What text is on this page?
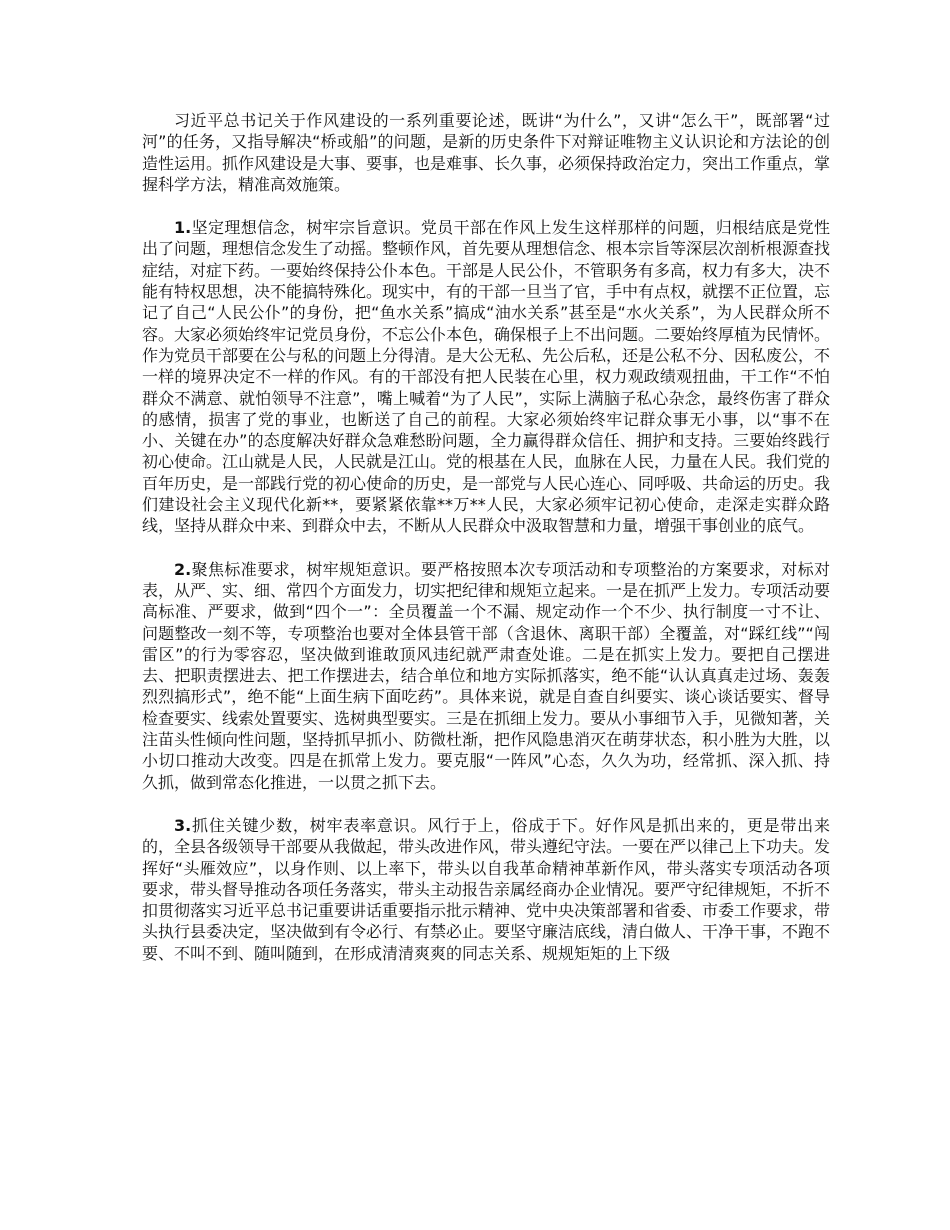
习近平总书记关于作风建设的一系列重要论述，既讲“为什么”，又讲“怎么干”，既部署“过河”的任务，又指导解决“桥或船”的问题，是新的历史条件下对辩证唯物主义认识论和方法论的创造性运用。抓作风建设是大事、要事，也是难事、长久事，必须保持政治定力，突出工作重点，掌握科学方法，精准高效施策。

1.坚定理想信念，树牢宗旨意识。党员干部在作风上发生这样那样的问题，归根结底是党性出了问题，理想信念发生了动摇。整顿作风，首先要从理想信念、根本宗旨等深层次剖析根源查找症结，对症下药。一要始终保持公仆本色。干部是人民公仆，不管职务有多高，权力有多大，决不能有特权思想，决不能搞特殊化。现实中，有的干部一旦当了官，手中有点权，就摆不正位置，忘记了自己“人民公仆”的身份，把“鱼水关系”搞成“油水关系”甚至是“水火关系”，为人民群众所不容。大家必须始终牢记党员身份，不忘公仆本色，确保根子上不出问题。二要始终厚植为民情怀。作为党员干部要在公与私的问题上分得清。是大公无私、先公后私，还是公私不分、因私废公，不一样的境界决定不一样的作风。有的干部没有把人民装在心里，权力观政绩观扭曲，干工作“不怕群众不满意、就怕领导不注意”，嘴上喊着“为了人民”，实际上满脑子私心杂念，最终伤害了群众的感情，损害了党的事业，也断送了自己的前程。大家必须始终牢记群众事无小事，以“事不在小、关键在办”的态度解决好群众急难愁盼问题，全力赢得群众信任、拥护和支持。三要始终践行初心使命。江山就是人民，人民就是江山。党的根基在人民，血脉在人民，力量在人民。我们党的百年历史，是一部践行党的初心使命的历史，是一部党与人民心连心、同呼吸、共命运的历史。我们建设社会主义现代化新**，要紧紧依靠**万**人民，大家必须牢记初心使命，走深走实群众路线，坚持从群众中来、到群众中去，不断从人民群众中汲取智慧和力量，增强干事创业的底气。

2.聚焦标准要求，树牢规矩意识。要严格按照本次专项活动和专项整治的方案要求，对标对表，从严、实、细、常四个方面发力，切实把纪律和规矩立起来。一是在抓严上发力。专项活动要高标准、严要求，做到“四个一”：全员覆盖一个不漏、规定动作一个不少、执行制度一寸不让、问题整改一刻不等，专项整治也要对全体县管干部（含退休、离职干部）全覆盖，对“踩红线”“闯雷区”的行为零容忍，坚决做到谁敢顶风违纪就严肃查处谁。二是在抓实上发力。要把自己摆进去、把职责摆进去、把工作摆进去，结合单位和地方实际抓落实，绝不能“认认真真走过场、轰轰烈烈搞形式”，绝不能“上面生病下面吃药”。具体来说，就是自查自纠要实、谈心谈话要实、督导检查要实、线索处置要实、选树典型要实。三是在抓细上发力。要从小事细节入手，见微知著，关注苗头性倾向性问题，坚持抓早抓小、防微杜渐，把作风隐患消灭在萌芽状态，积小胜为大胜，以小切口推动大改变。四是在抓常上发力。要克服“一阵风”心态，久久为功，经常抓、深入抓、持久抓，做到常态化推进，一以贯之抓下去。

3.抓住关键少数，树牢表率意识。风行于上，俗成于下。好作风是抓出来的，更是带出来的，全县各级领导干部要从我做起，带头改进作风，带头遵纪守法。一要在严以律己上下功夫。发挥好“头雁效应”，以身作则、以上率下，带头以自我革命精神革新作风，带头落实专项活动各项要求，带头督导推动各项任务落实，带头主动报告亲属经商办企业情况。要严守纪律规矩，不折不扣贯彻落实习近平总书记重要讲话重要指示批示精神、党中央决策部署和省委、市委工作要求，带头执行县委决定，坚决做到有令必行、有禁必止。要坚守廉洁底线，清白做人、干净干事，不跑不要、不叫不到、随叫随到，在形成清清爽爽的同志关系、规规矩矩的上下级
